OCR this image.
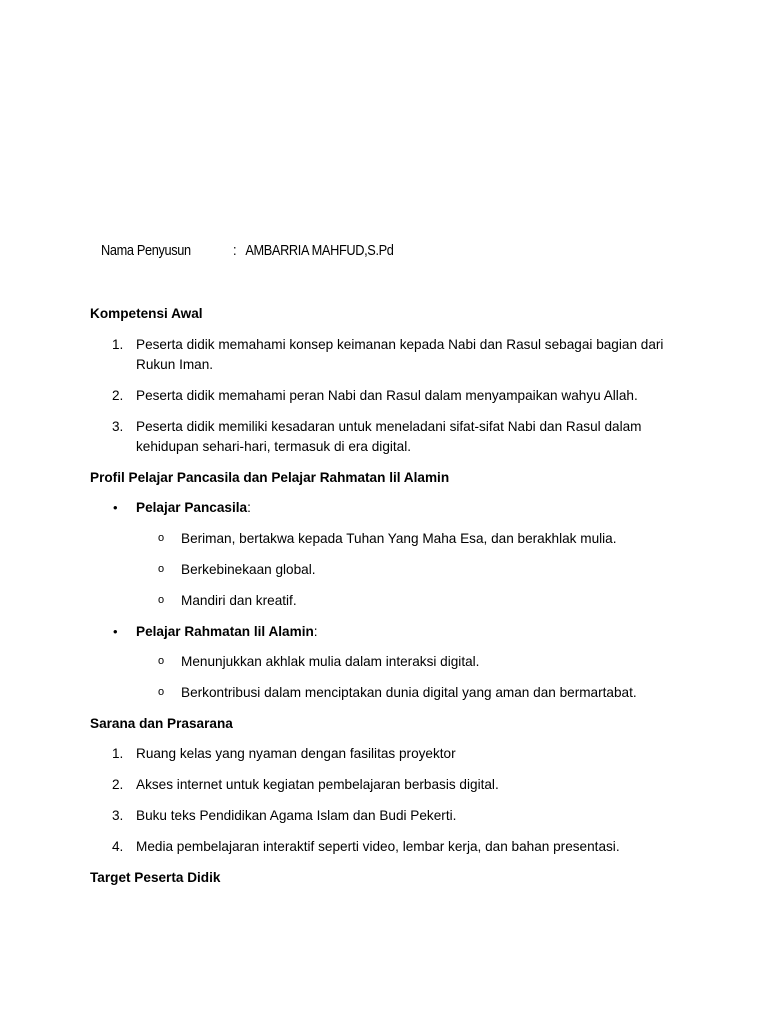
Nama Penyusun	: AMBARRIA MAHFUD,S.Pd
Kompetensi Awal
1. Peserta didik memahami konsep keimanan kepada Nabi dan Rasul sebagai bagian dari
Rukun Iman.
2. Peserta didik memahami peran Nabi dan Rasul dalam menyampaikan wahyu Allah.
3. Peserta didik memiliki kesadaran untuk meneladani sifat-sifat Nabi dan Rasul dalam
kehidupan sehari-hari, termasuk di era digital.
Profil Pelajar Pancasila dan Pelajar Rahmatan lil Alamin
• Pelajar Pancasila:
o Beriman, bertakwa kepada Tuhan Yang Maha Esa, dan berakhlak mulia.
o Berkebinekaan global.
o Mandiri dan kreatif.
• Pelajar Rahmatan lil Alamin:
o Menunjukkan akhlak mulia dalam interaksi digital.
o Berkontribusi dalam menciptakan dunia digital yang aman dan bermartabat.
Sarana dan Prasarana
1. Ruang kelas yang nyaman dengan fasilitas proyektor
2. Akses internet untuk kegiatan pembelajaran berbasis digital.
3. Buku teks Pendidikan Agama Islam dan Budi Pekerti.
4. Media pembelajaran interaktif seperti video, lembar kerja, dan bahan presentasi.
Target Peserta Didik
